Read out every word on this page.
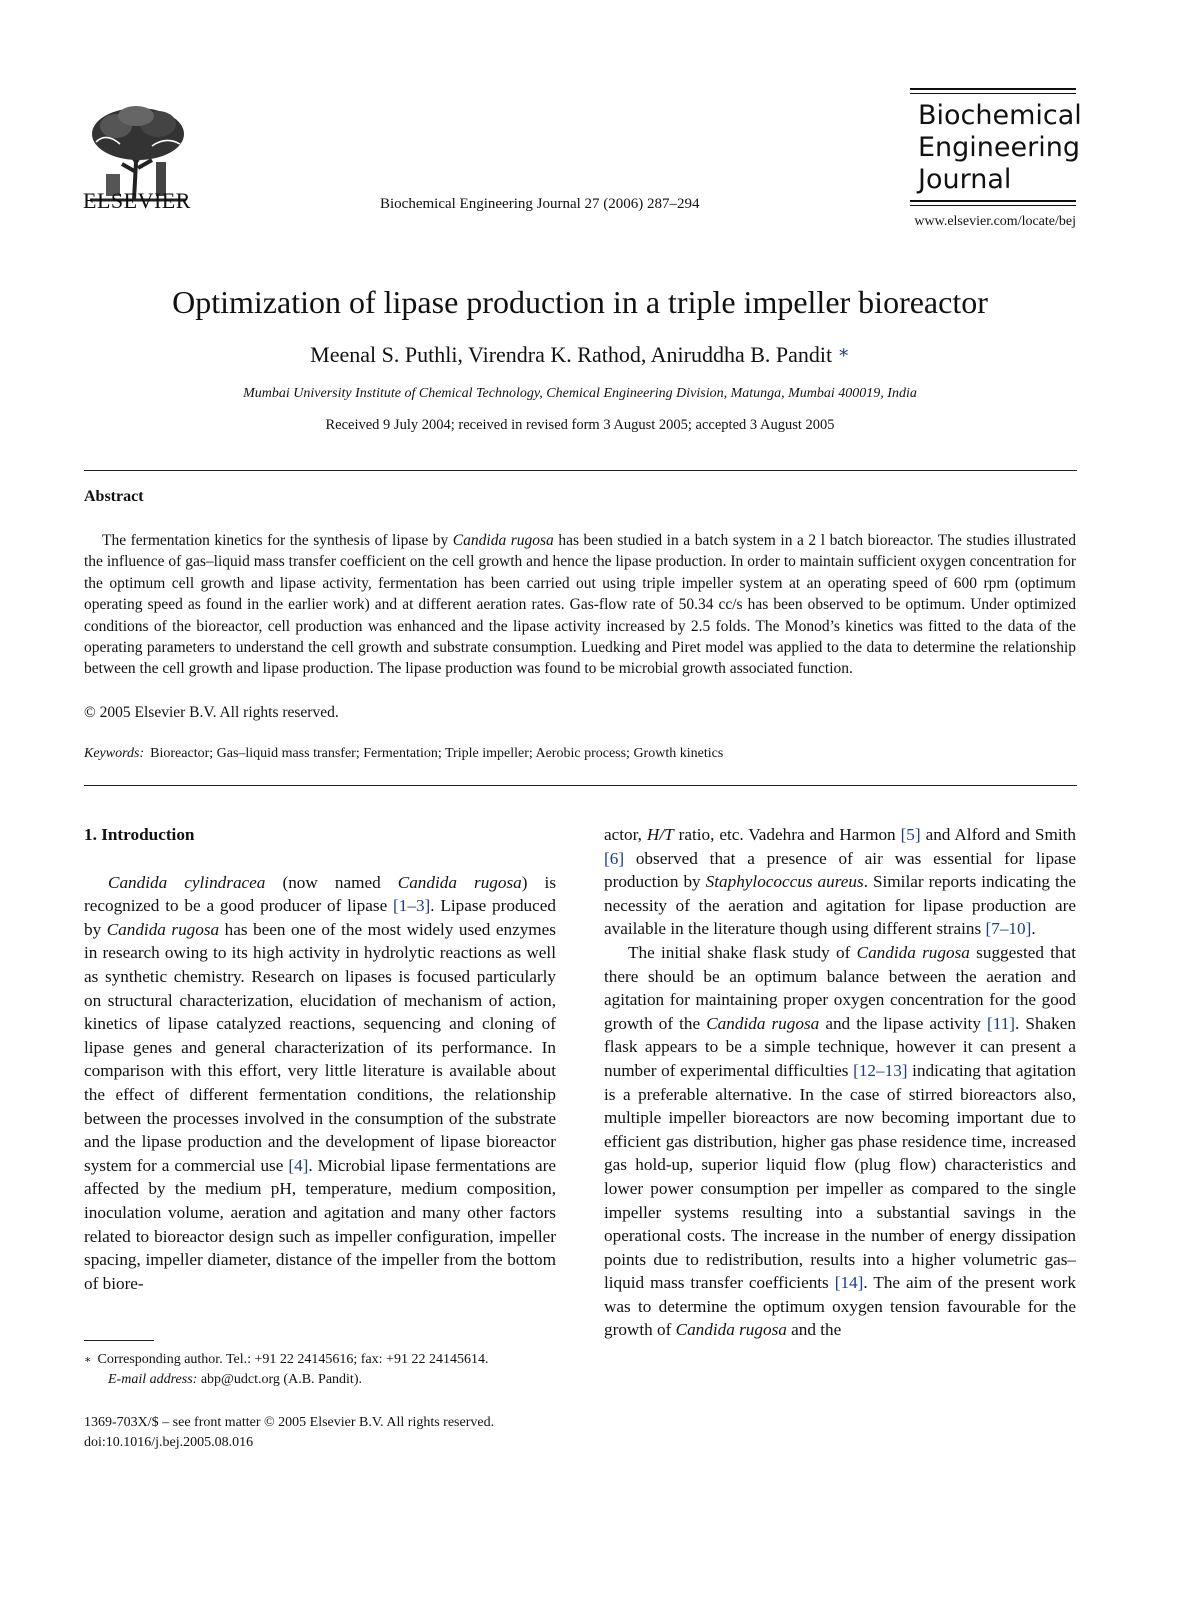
ELSEVIER	Biochemical Engineering Journal 27 (2006) 287–294
Biochemical
Engineering
Journal
www.elsevier.com/locate/bej
Optimization of lipase production in a triple impeller bioreactor
Meenal S. Puthli, Virendra K. Rathod, Aniruddha B. Pandit ∗
Mumbai University Institute of Chemical Technology, Chemical Engineering Division, Matunga, Mumbai 400019, India
Received 9 July 2004; received in revised form 3 August 2005; accepted 3 August 2005
Abstract

The fermentation kinetics for the synthesis of lipase by Candida rugosa has been studied in a batch system in a 2 l batch bioreactor. The studies illustrated the influence of gas–liquid mass transfer coefficient on the cell growth and hence the lipase production. In order to maintain sufficient oxygen concentration for the optimum cell growth and lipase activity, fermentation has been carried out using triple impeller system at an operating speed of 600 rpm (optimum operating speed as found in the earlier work) and at different aeration rates. Gas-flow rate of 50.34 cc/s has been observed to be optimum. Under optimized conditions of the bioreactor, cell production was enhanced and the lipase activity increased by 2.5 folds. The Monod’s kinetics was fitted to the data of the operating parameters to understand the cell growth and substrate consumption. Luedking and Piret model was applied to the data to determine the relationship between the cell growth and lipase production. The lipase production was found to be microbial growth associated function.

© 2005 Elsevier B.V. All rights reserved.
Keywords: Bioreactor; Gas–liquid mass transfer; Fermentation; Triple impeller; Aerobic process; Growth kinetics

1. Introduction

Candida cylindracea (now named Candida rugosa) is recognized to be a good producer of lipase [1–3]. Lipase produced by Candida rugosa has been one of the most widely used enzymes in research owing to its high activity in hydrolytic reactions as well as synthetic chemistry. Research on lipases is focused particularly on structural characterization, elucidation of mechanism of action, kinetics of lipase catalyzed reactions, sequencing and cloning of lipase genes and general characterization of its performance. In comparison with this effort, very little literature is available about the effect of different fermentation conditions, the relationship between the processes involved in the consumption of the substrate and the lipase production and the development of lipase bioreactor system for a commercial use [4]. Microbial lipase fermentations are affected by the medium pH, temperature, medium composition, inoculation volume, aeration and agitation and many other factors related to bioreactor design such as impeller configuration, impeller spacing, impeller diameter, distance of the impeller from the bottom of biore-

actor, H/T ratio, etc. Vadehra and Harmon [5] and Alford and Smith [6] observed that a presence of air was essential for lipase production by Staphylococcus aureus. Similar reports indicating the necessity of the aeration and agitation for lipase production are available in the literature though using different strains [7–10].

The initial shake flask study of Candida rugosa suggested that there should be an optimum balance between the aeration and agitation for maintaining proper oxygen concentration for the good growth of the Candida rugosa and the lipase activity [11]. Shaken flask appears to be a simple technique, however it can present a number of experimental difficulties [12–13] indicating that agitation is a preferable alternative. In the case of stirred bioreactors also, multiple impeller bioreactors are now becoming important due to efficient gas distribution, higher gas phase residence time, increased gas hold-up, superior liquid flow (plug flow) characteristics and lower power consumption per impeller as compared to the single impeller systems resulting into a substantial savings in the operational costs. The increase in the number of energy dissipation points due to redistribution, results into a higher volumetric gas–liquid mass transfer coefficients [14]. The aim of the present work was to determine the optimum oxygen tension favourable for the growth of Candida rugosa and the

∗ Corresponding author. Tel.: +91 22 24145616; fax: +91 22 24145614.
E-mail address: abp@udct.org (A.B. Pandit).
1369-703X/$ – see front matter © 2005 Elsevier B.V. All rights reserved.
doi:10.1016/j.bej.2005.08.016
